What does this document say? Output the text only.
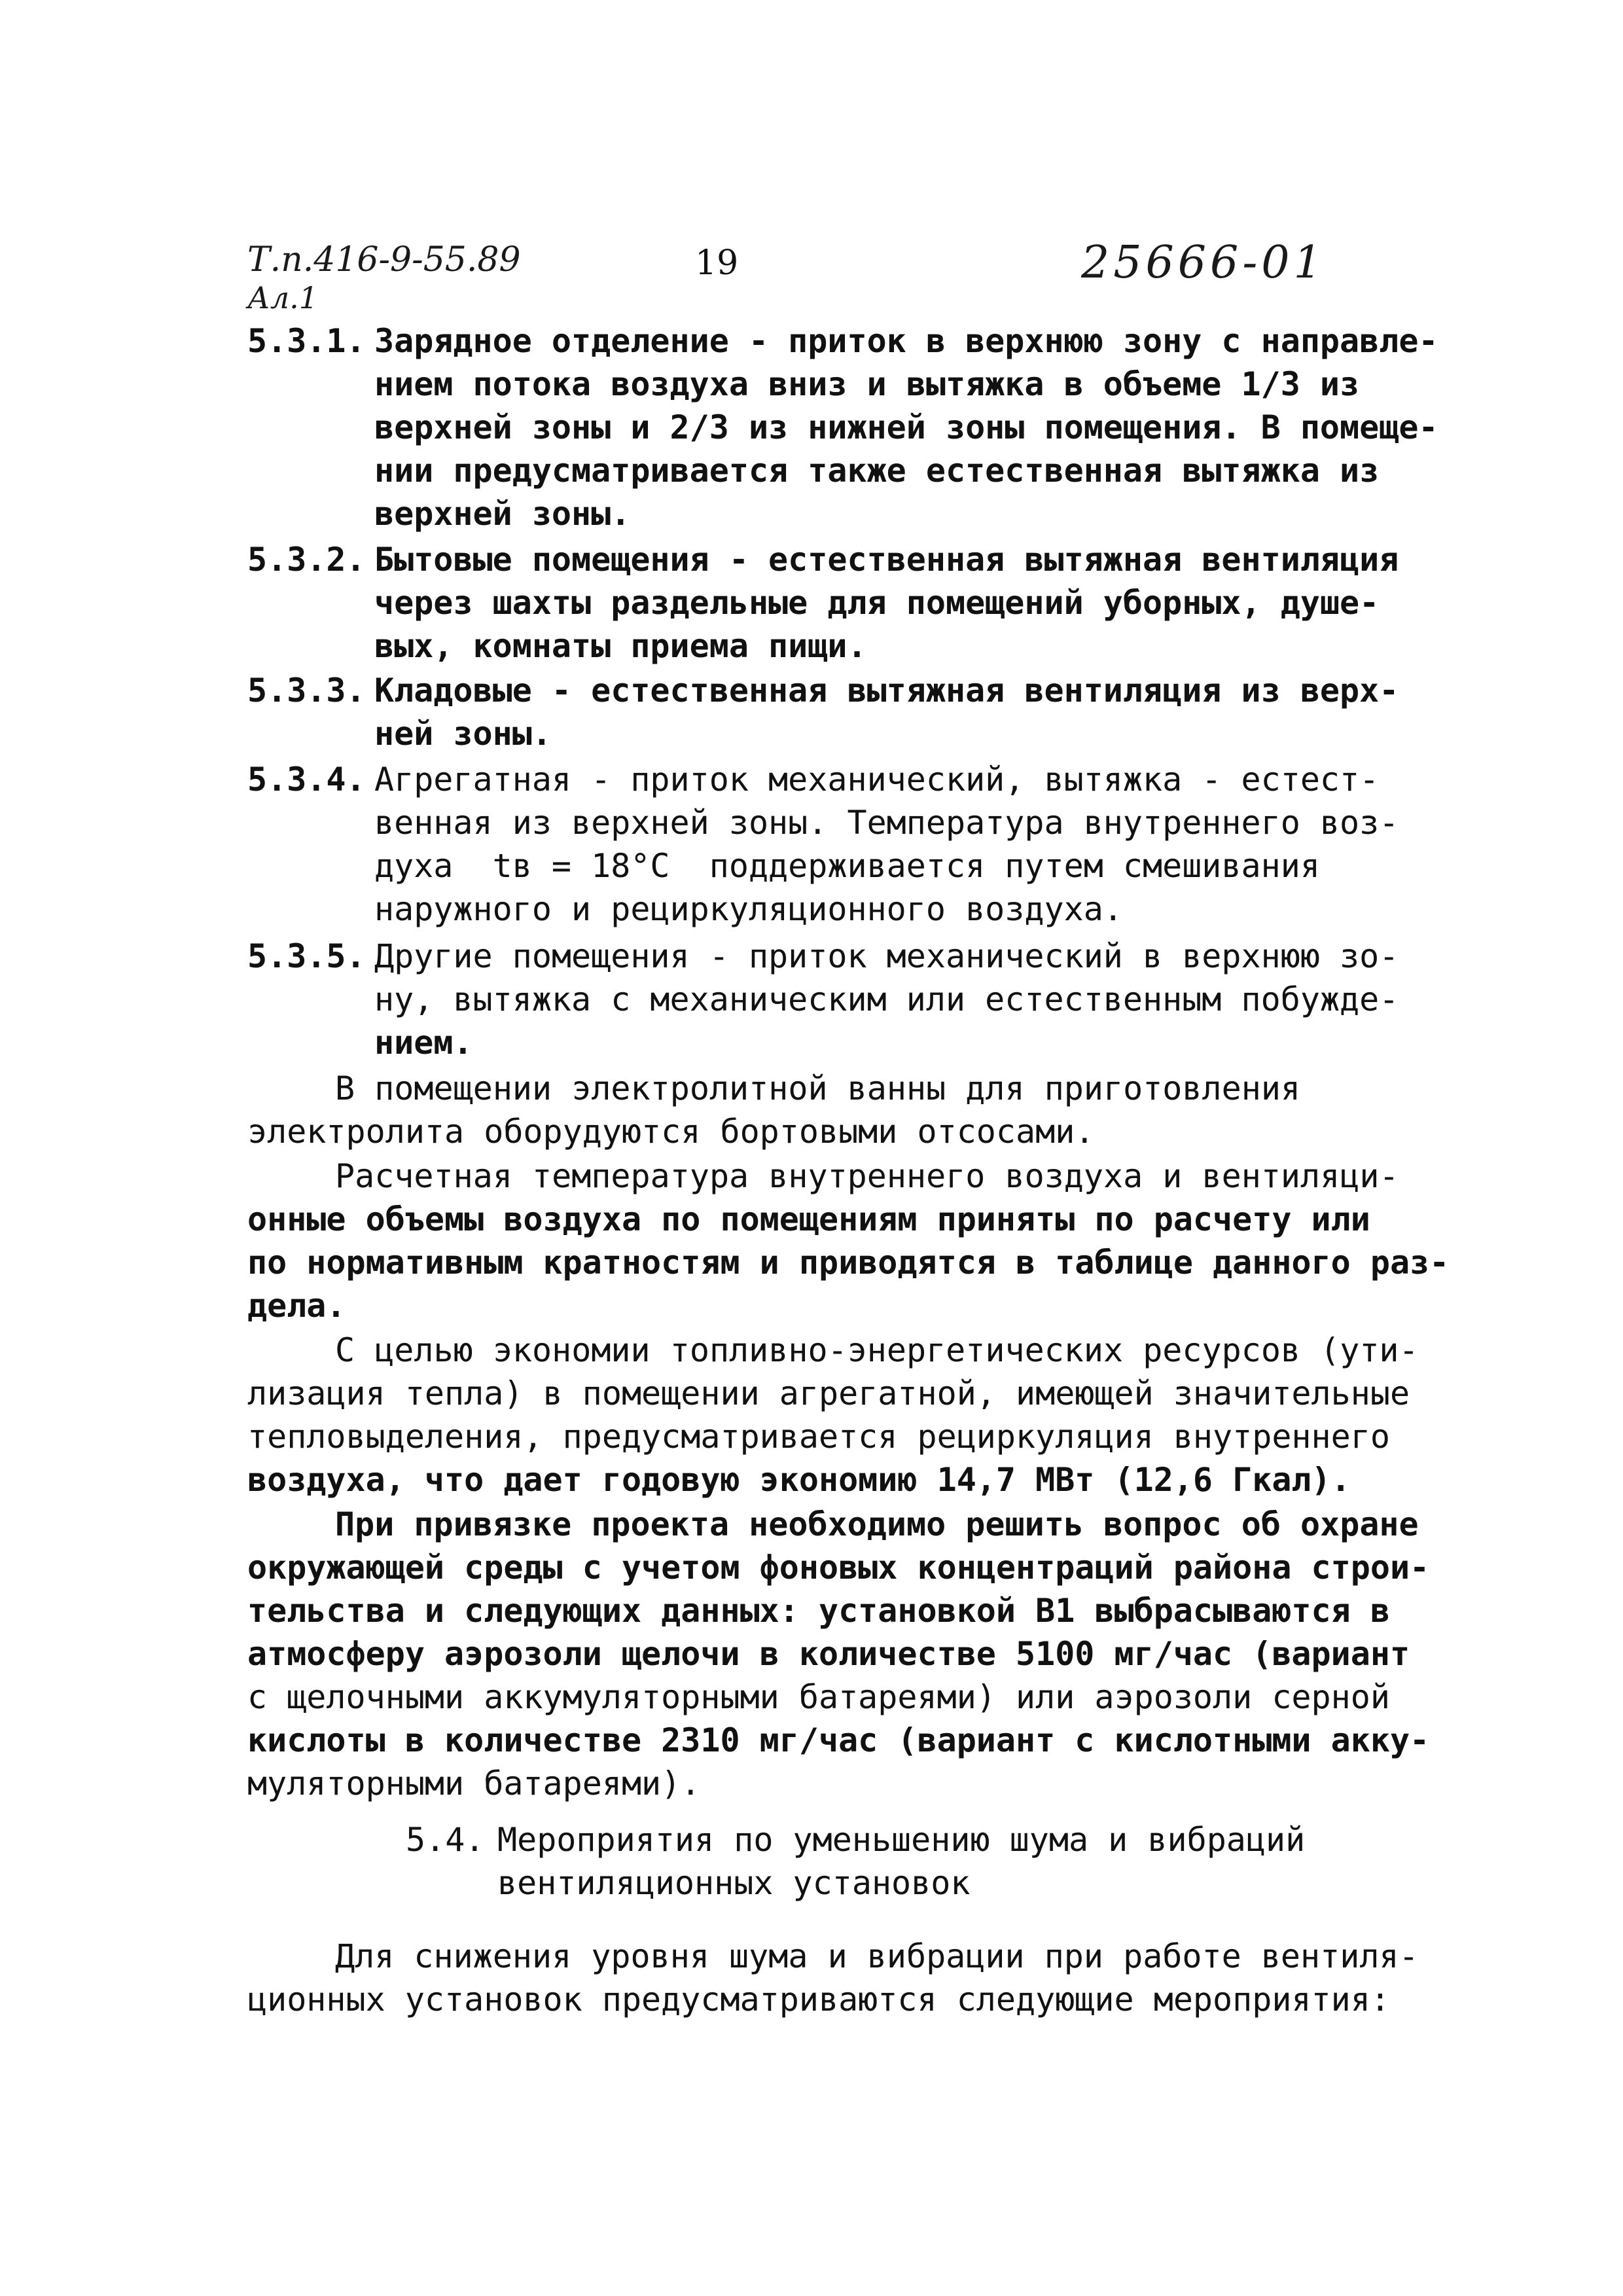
Т.п.416-9-55.89
Ал.1
19	25666-01
5.3.1. Зарядное отделение - приток в верхнюю зону с направле-
нием потока воздуха вниз и вытяжка в объеме 1/3 из
верхней зоны и 2/3 из нижней зоны помещения. В помеще-
нии предусматривается также естественная вытяжка из
верхней зоны.
5.3.2. Бытовые помещения - естественная вытяжная вентиляция
через шахты раздельные для помещений уборных, душе-
вых, комнаты приема пищи.
5.3.3. Кладовые - естественная вытяжная вентиляция из верх-
ней зоны.
5.3.4. Агрегатная - приток механический, вытяжка - естест-
венная из верхней зоны. Температура внутреннего воз-
духа  tв = 18°С  поддерживается путем смешивания
наружного и рециркуляционного воздуха.
5.3.5. Другие помещения - приток механический в верхнюю зо-
ну, вытяжка с механическим или естественным побужде-
нием.
В помещении электролитной ванны для приготовления
электролита оборудуются бортовыми отсосами.
Расчетная температура внутреннего воздуха и вентиляци-
онные объемы воздуха по помещениям приняты по расчету или
по нормативным кратностям и приводятся в таблице данного раз-
дела.
С целью экономии топливно-энергетических ресурсов (ути-
лизация тепла) в помещении агрегатной, имеющей значительные
тепловыделения, предусматривается рециркуляция внутреннего
воздуха, что дает годовую экономию 14,7 МВт (12,6 Гкал).
При привязке проекта необходимо решить вопрос об охране
окружающей среды с учетом фоновых концентраций района строи-
тельства и следующих данных: установкой В1 выбрасываются в
атмосферу аэрозоли щелочи в количестве 5100 мг/час (вариант
с щелочными аккумуляторными батареями) или аэрозоли серной
кислоты в количестве 2310 мг/час (вариант с кислотными акку-
муляторными батареями).
5.4. Мероприятия по уменьшению шума и вибраций
вентиляционных установок
Для снижения уровня шума и вибрации при работе вентиля-
ционных установок предусматриваются следующие мероприятия:
